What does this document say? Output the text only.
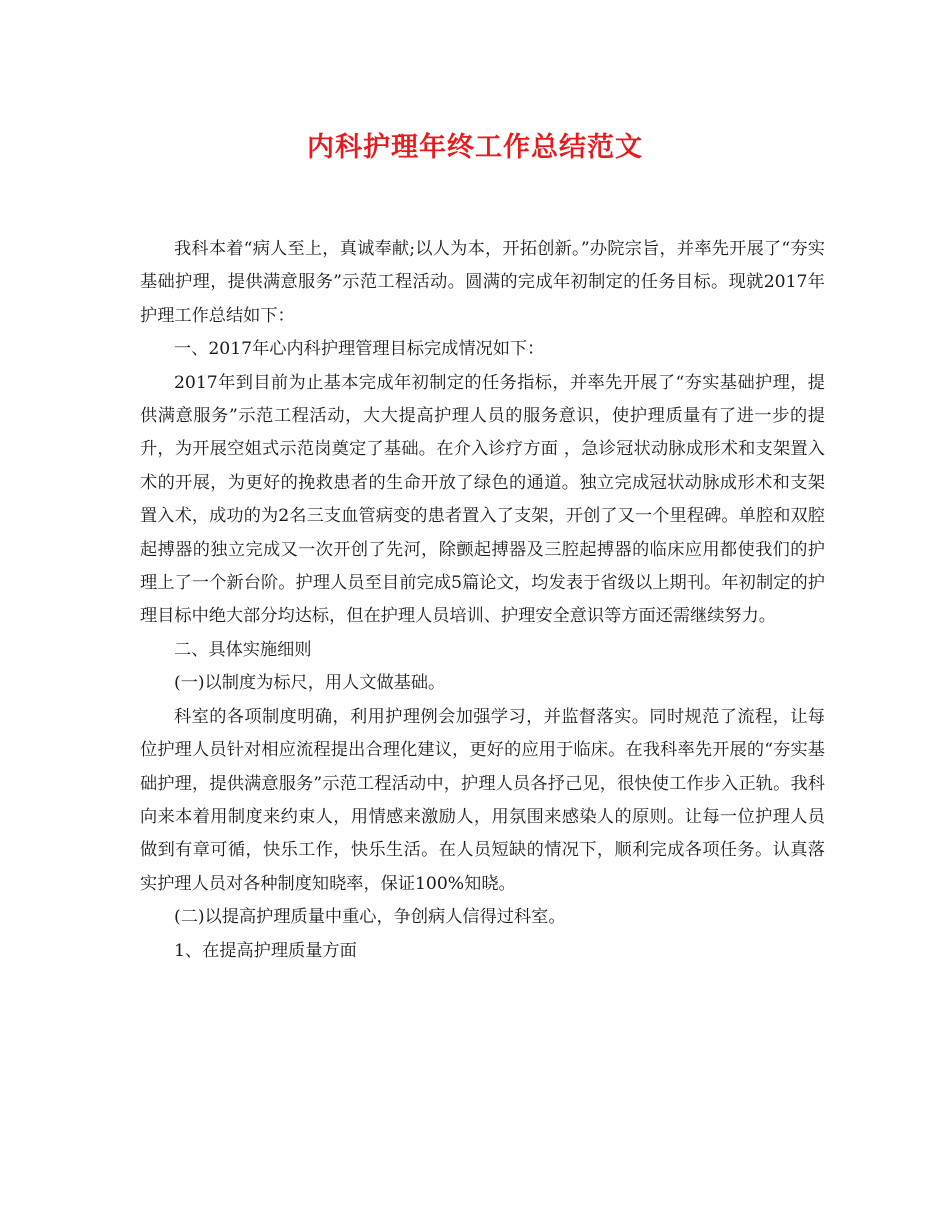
内科护理年终工作总结范文

我科本着“病人至上，真诚奉献;以人为本，开拓创新。”办院宗旨，并率先开展了“夯实基础护理，提供满意服务”示范工程活动。圆满的完成年初制定的任务目标。现就2017年护理工作总结如下：

一、2017年心内科护理管理目标完成情况如下：

2017年到目前为止基本完成年初制定的任务指标，并率先开展了“夯实基础护理，提供满意服务”示范工程活动，大大提高护理人员的服务意识，使护理质量有了进一步的提升，为开展空姐式示范岗奠定了基础。在介入诊疗方面 ，急诊冠状动脉成形术和支架置入术的开展，为更好的挽救患者的生命开放了绿色的通道。独立完成冠状动脉成形术和支架置入术，成功的为2名三支血管病变的患者置入了支架，开创了又一个里程碑。单腔和双腔起搏器的独立完成又一次开创了先河，除颤起搏器及三腔起搏器的临床应用都使我们的护理上了一个新台阶。护理人员至目前完成5篇论文，均发表于省级以上期刊。年初制定的护理目标中绝大部分均达标，但在护理人员培训、护理安全意识等方面还需继续努力。

二、具体实施细则

(一)以制度为标尺，用人文做基础。

科室的各项制度明确，利用护理例会加强学习，并监督落实。同时规范了流程，让每位护理人员针对相应流程提出合理化建议，更好的应用于临床。在我科率先开展的“夯实基础护理，提供满意服务”示范工程活动中，护理人员各抒己见，很快使工作步入正轨。我科向来本着用制度来约束人，用情感来激励人，用氛围来感染人的原则。让每一位护理人员做到有章可循，快乐工作，快乐生活。在人员短缺的情况下，顺利完成各项任务。认真落实护理人员对各种制度知晓率，保证100%知晓。

(二)以提高护理质量中重心，争创病人信得过科室。

1、在提高护理质量方面
